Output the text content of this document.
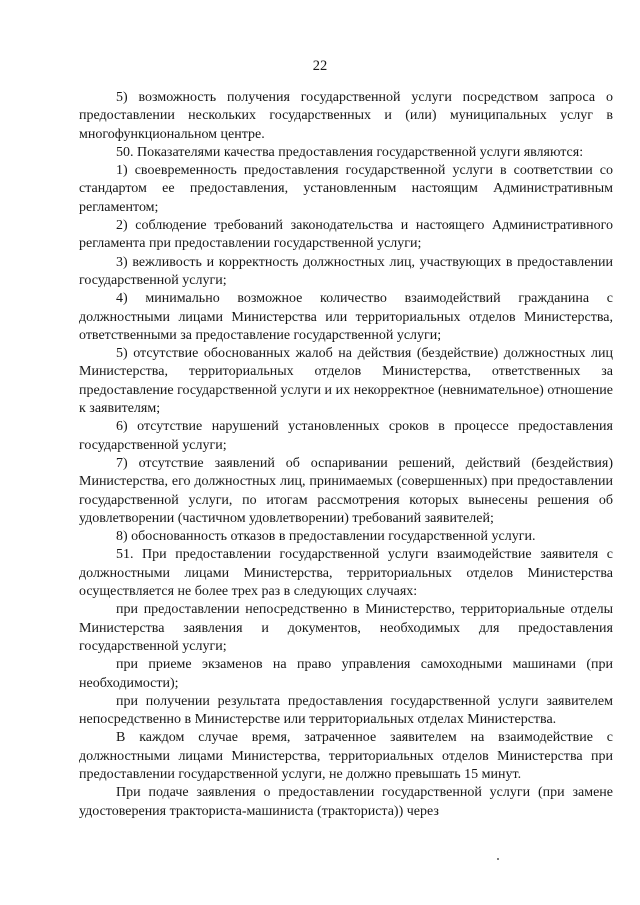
22

5) возможность получения государственной услуги посредством запроса о предоставлении нескольких государственных и (или) муниципальных услуг в многофункциональном центре.

50. Показателями качества предоставления государственной услуги являются:

1) своевременность предоставления государственной услуги в соответствии со стандартом ее предоставления, установленным настоящим Административным регламентом;

2) соблюдение требований законодательства и настоящего Административного регламента при предоставлении государственной услуги;

3) вежливость и корректность должностных лиц, участвующих в предоставлении государственной услуги;

4) минимально возможное количество взаимодействий гражданина с должностными лицами Министерства или территориальных отделов Министерства, ответственными за предоставление государственной услуги;

5) отсутствие обоснованных жалоб на действия (бездействие) должностных лиц Министерства, территориальных отделов Министерства, ответственных за предоставление государственной услуги и их некорректное (невнимательное) отношение к заявителям;

6) отсутствие нарушений установленных сроков в процессе предоставления государственной услуги;

7) отсутствие заявлений об оспаривании решений, действий (бездействия) Министерства, его должностных лиц, принимаемых (совершенных) при предоставлении государственной услуги, по итогам рассмотрения которых вынесены решения об удовлетворении (частичном удовлетворении) требований заявителей;

8) обоснованность отказов в предоставлении государственной услуги.

51. При предоставлении государственной услуги взаимодействие заявителя с должностными лицами Министерства, территориальных отделов Министерства осуществляется не более трех раз в следующих случаях:

при предоставлении непосредственно в Министерство, территориальные отделы Министерства заявления и документов, необходимых для предоставления государственной услуги;

при приеме экзаменов на право управления самоходными машинами (при необходимости);

при получении результата предоставления государственной услуги заявителем непосредственно в Министерстве или территориальных отделах Министерства.

В каждом случае время, затраченное заявителем на взаимодействие с должностными лицами Министерства, территориальных отделов Министерства при предоставлении государственной услуги, не должно превышать 15 минут.

При подаче заявления о предоставлении государственной услуги (при замене удостоверения тракториста-машиниста (тракториста)) через
